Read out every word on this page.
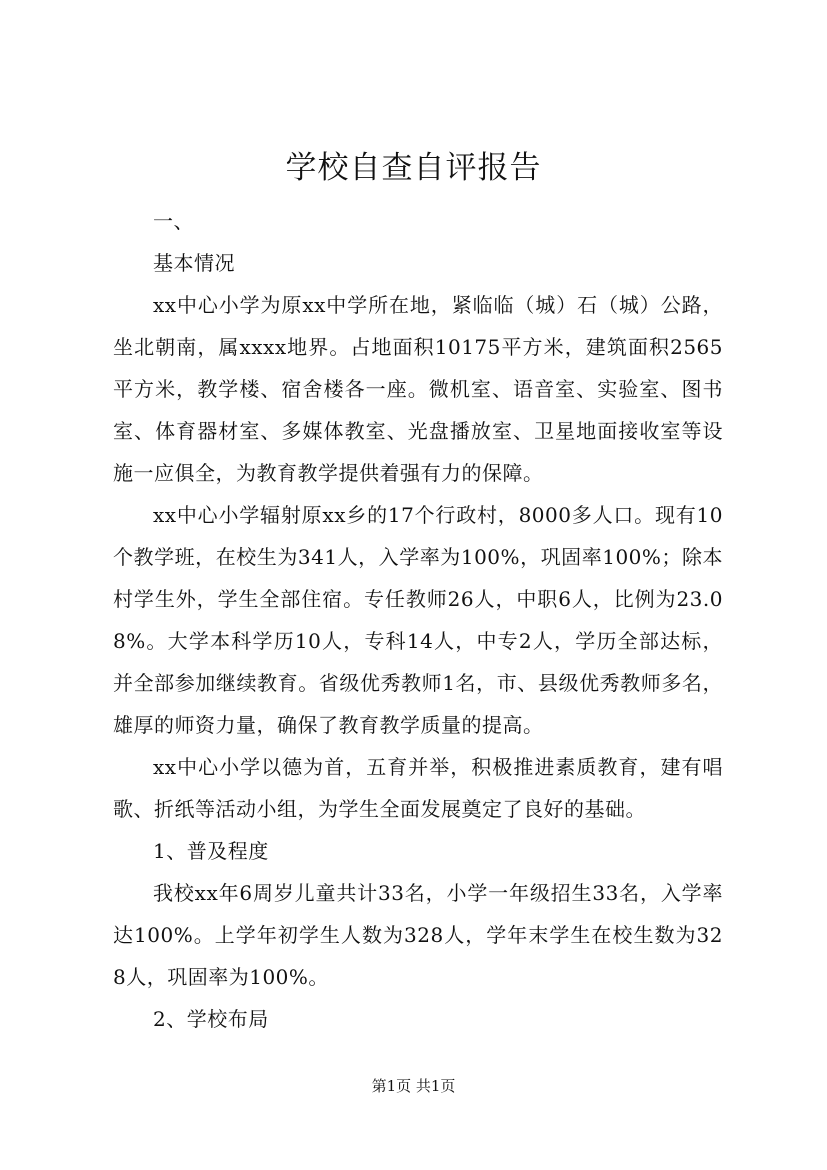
学校自查自评报告

一、

基本情况

xx中心小学为原xx中学所在地，紧临临（城）石（城）公路，坐北朝南，属xxxx地界。占地面积10175平方米，建筑面积2565平方米，教学楼、宿舍楼各一座。微机室、语音室、实验室、图书室、体育器材室、多媒体教室、光盘播放室、卫星地面接收室等设施一应俱全，为教育教学提供着强有力的保障。

xx中心小学辐射原xx乡的17个行政村，8000多人口。现有10个教学班，在校生为341人，入学率为100%，巩固率100%；除本村学生外，学生全部住宿。专任教师26人，中职6人，比例为23.08%。大学本科学历10人，专科14人，中专2人，学历全部达标，并全部参加继续教育。省级优秀教师1名，市、县级优秀教师多名，雄厚的师资力量，确保了教育教学质量的提高。

xx中心小学以德为首，五育并举，积极推进素质教育，建有唱歌、折纸等活动小组，为学生全面发展奠定了良好的基础。

1、普及程度

我校xx年6周岁儿童共计33名，小学一年级招生33名，入学率达100%。上学年初学生人数为328人，学年末学生在校生数为328人，巩固率为100%。

2、学校布局

第1页 共1页
